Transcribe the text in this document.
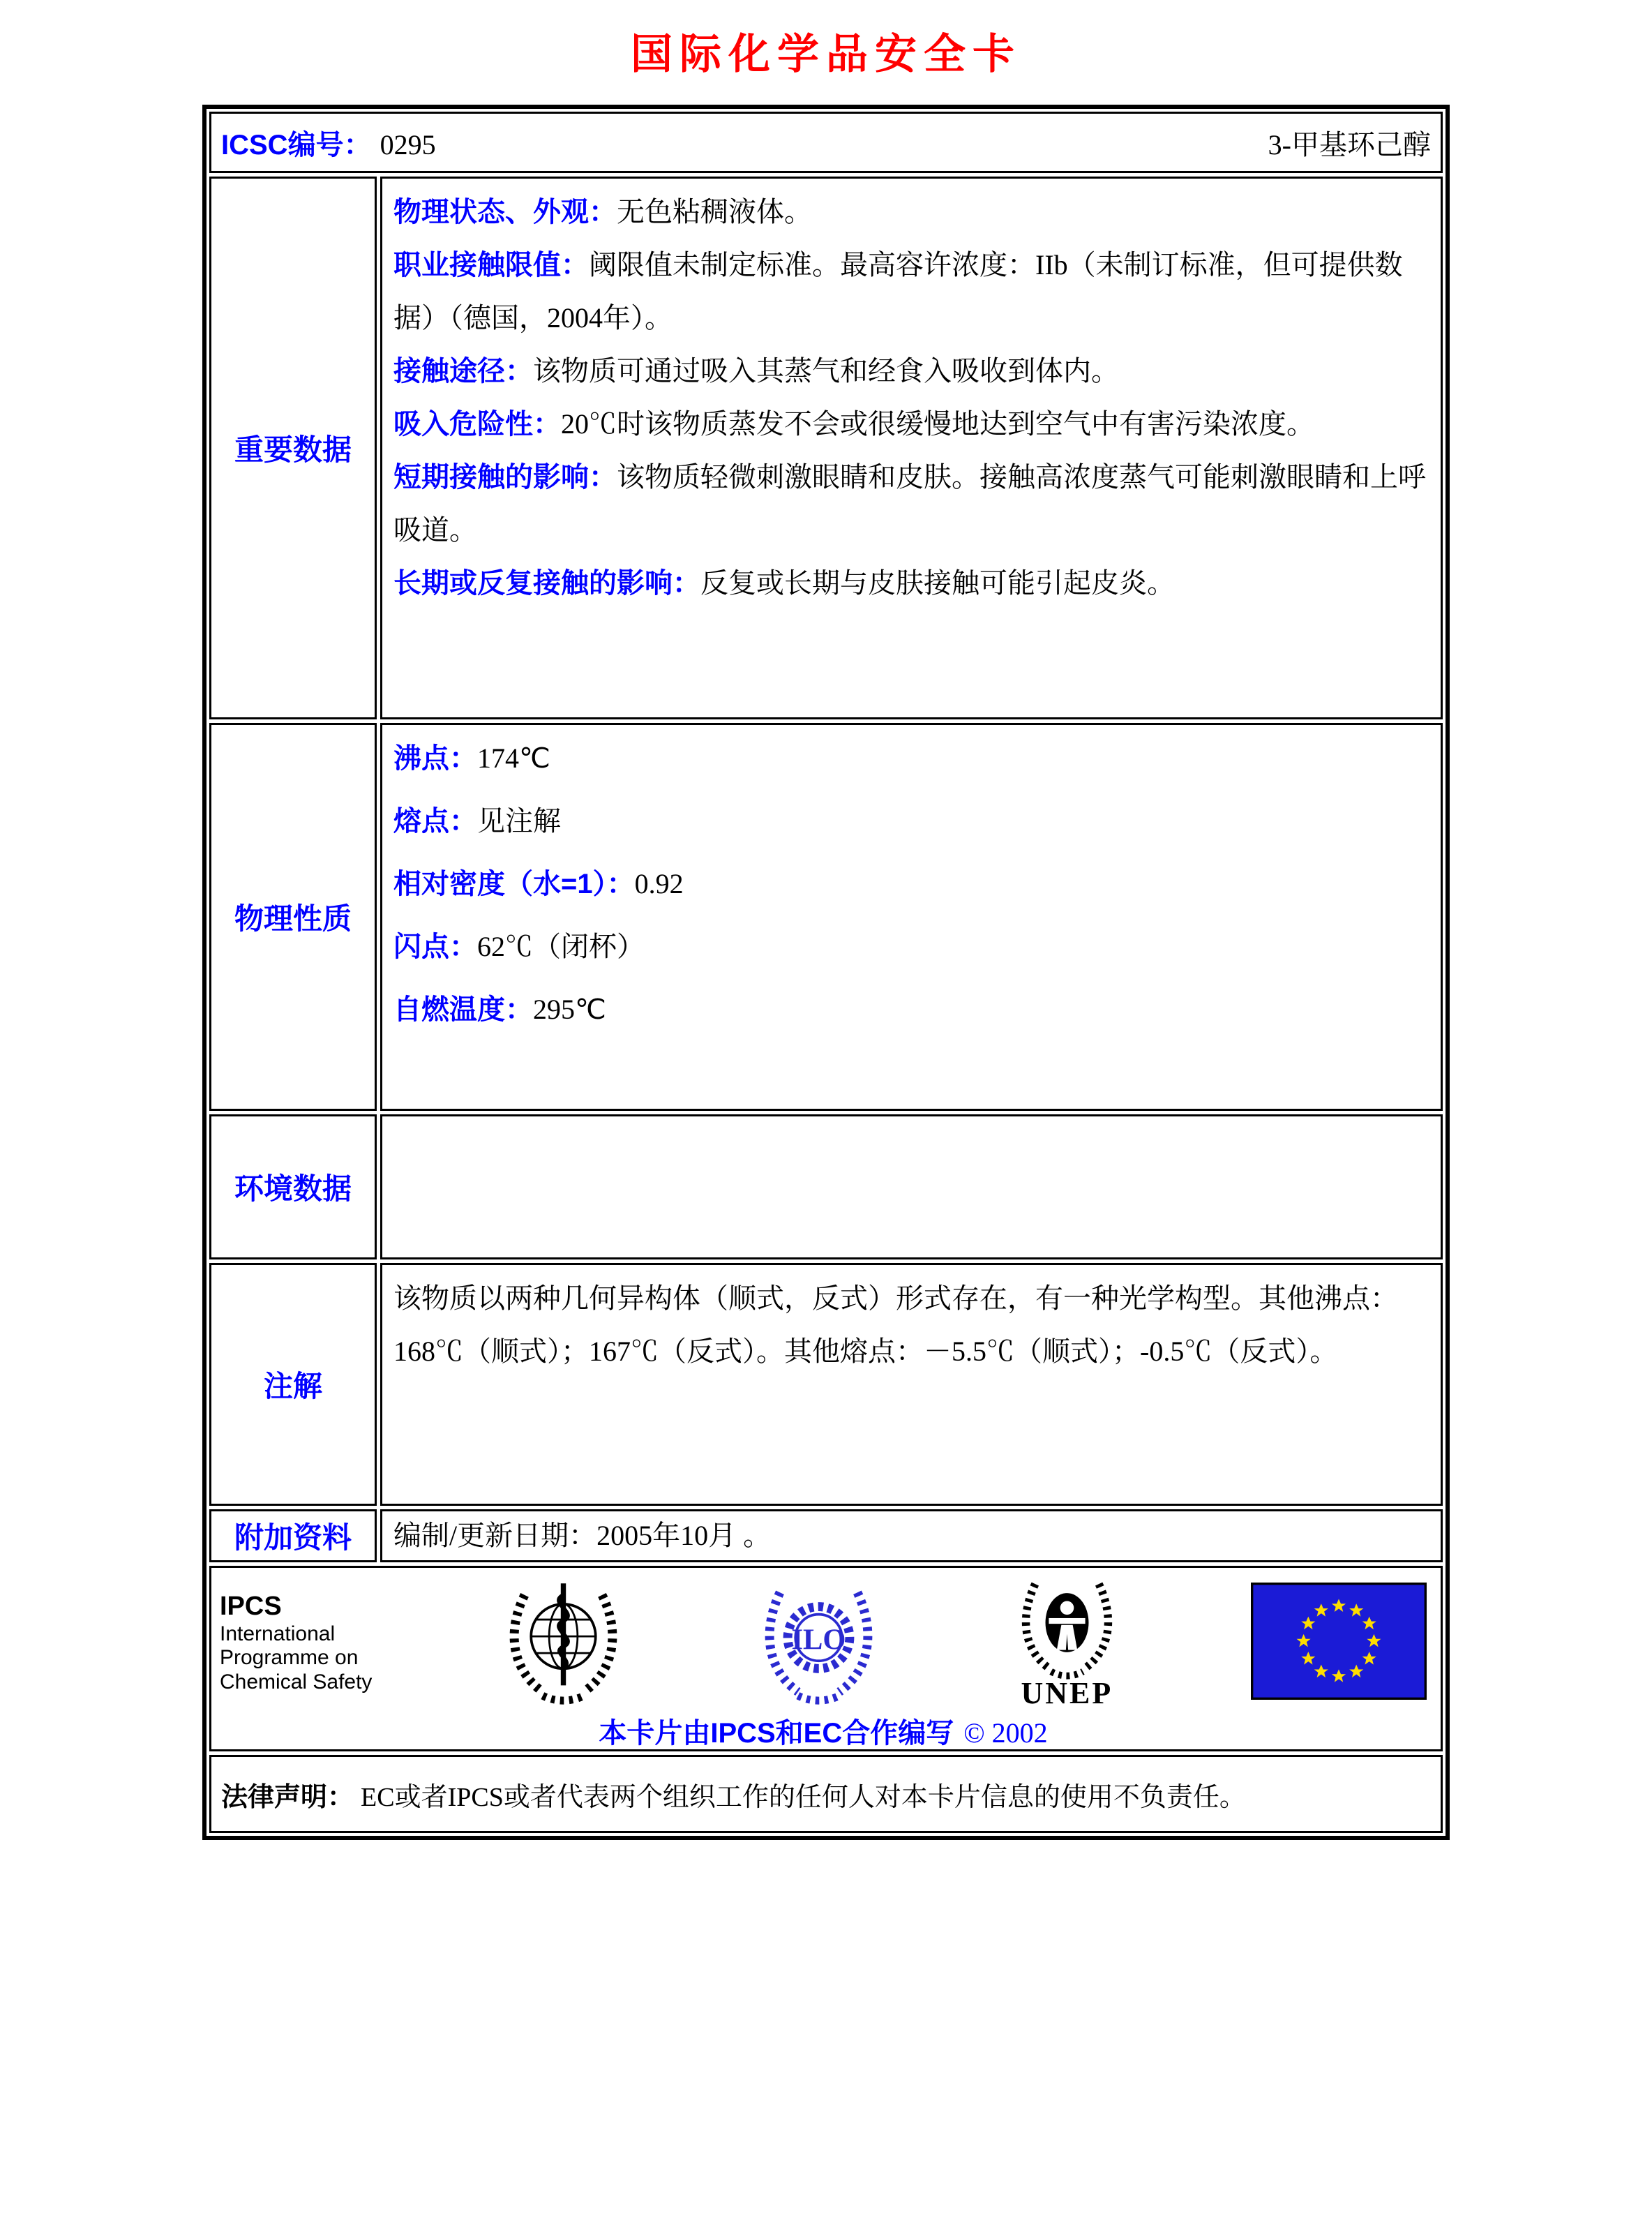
国际化学品安全卡
ICSC编号： 0295	3-甲基环己醇
重要数据

物理状态、外观：无色粘稠液体。

职业接触限值：阈限值未制定标准。最高容许浓度：IIb（未制订标准，但可提供数据）（德国，2004年）。

接触途径：该物质可通过吸入其蒸气和经食入吸收到体内。

吸入危险性：20℃时该物质蒸发不会或很缓慢地达到空气中有害污染浓度。

短期接触的影响：该物质轻微刺激眼睛和皮肤。接触高浓度蒸气可能刺激眼睛和上呼吸道。

长期或反复接触的影响：反复或长期与皮肤接触可能引起皮炎。

物理性质

沸点：174℃

熔点：见注解

相对密度（水=1）：0.92

闪点：62℃（闭杯）

自燃温度：295℃

环境数据
注解
该物质以两种几何异构体（顺式，反式）形式存在，有一种光学构型。其他沸点：168℃（顺式）；167℃（反式）。其他熔点：－5.5℃（顺式）；-0.5℃（反式）。
附加资料	编制/更新日期：2005年10月 。
IPCS
International
Programme on
Chemical Safety
ILO
UNEP
本卡片由IPCS和EC合作编写 © 2002
法律声明： EC或者IPCS或者代表两个组织工作的任何人对本卡片信息的使用不负责任。
